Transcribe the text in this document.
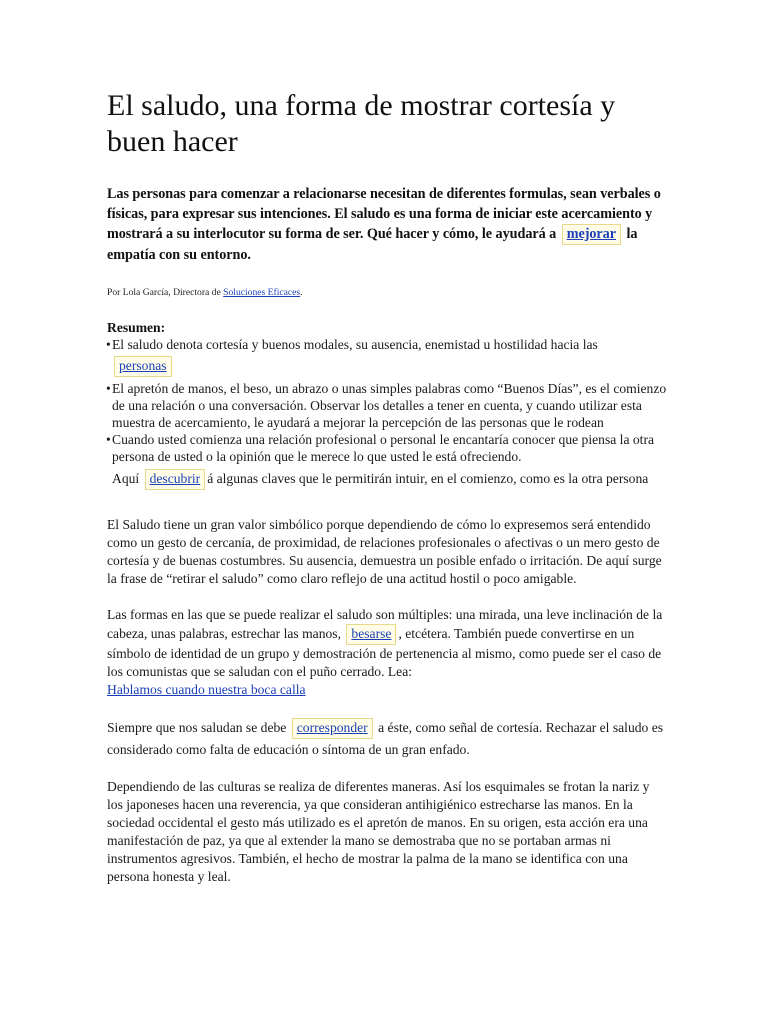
El saludo, una forma de mostrar cortesía y buen hacer
Las personas para comenzar a relacionarse necesitan de diferentes formulas, sean verbales o físicas, para expresar sus intenciones. El saludo es una forma de iniciar este acercamiento y mostrará a su interlocutor su forma de ser. Qué hacer y cómo, le ayudará a mejorar la empatía con su entorno.
Por Lola García, Directora de Soluciones Eficaces.
Resumen:
• El saludo denota cortesía y buenos modales, su ausencia, enemistad u hostilidad hacia las
personas
• El apretón de manos, el beso, un abrazo o unas simples palabras como “Buenos Días”, es el comienzo de una relación o una conversación. Observar los detalles a tener en cuenta, y cuando utilizar esta muestra de acercamiento, le ayudará a mejorar la percepción de las personas que le rodean
• Cuando usted comienza una relación profesional o personal le encantaría conocer que piensa la otra persona de usted o la opinión que le merece lo que usted le está ofreciendo.
Aquí descubrir á algunas claves que le permitirán intuir, en el comienzo, como es la otra persona
El Saludo tiene un gran valor simbólico porque dependiendo de cómo lo expresemos será entendido como un gesto de cercanía, de proximidad, de relaciones profesionales o afectivas o un mero gesto de cortesía y de buenas costumbres. Su ausencia, demuestra un posible enfado o irritación. De aquí surge la frase de “retirar el saludo” como claro reflejo de una actitud hostil o poco amigable.
Las formas en las que se puede realizar el saludo son múltiples: una mirada, una leve inclinación de la cabeza, unas palabras, estrechar las manos, besarse , etcétera. También puede convertirse en un símbolo de identidad de un grupo y demostración de pertenencia al mismo, como puede ser el caso de los comunistas que se saludan con el puño cerrado. Lea:
Hablamos cuando nuestra boca calla
Siempre que nos saludan se debe corresponder a éste, como señal de cortesía. Rechazar el saludo es considerado como falta de educación o síntoma de un gran enfado.
Dependiendo de las culturas se realiza de diferentes maneras. Así los esquimales se frotan la nariz y los japoneses hacen una reverencia, ya que consideran antihigiénico estrecharse las manos. En la sociedad occidental el gesto más utilizado es el apretón de manos. En su origen, esta acción era una manifestación de paz, ya que al extender la mano se demostraba que no se portaban armas ni instrumentos agresivos. También, el hecho de mostrar la palma de la mano se identifica con una persona honesta y leal.
